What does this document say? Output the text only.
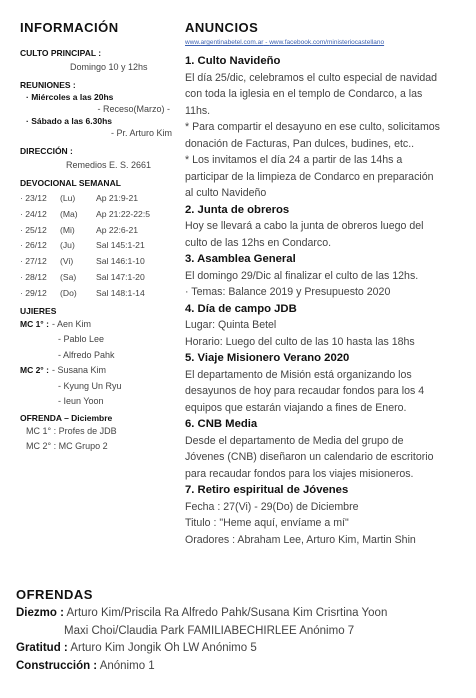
INFORMACIÓN
CULTO PRINCIPAL :
Domingo 10 y 12hs
REUNIONES :
· Miércoles a las 20hs
- Receso(Marzo) -
· Sábado a las 6.30hs
- Pr. Arturo Kim
DIRECCIÓN :
Remedios E. S. 2661
DEVOCIONAL SEMANAL
· 23/12	(Lu)	Ap 21:9-21
· 24/12	(Ma)	Ap 21:22-22:5
· 25/12	(Mi)	Ap 22:6-21
· 26/12	(Ju)	Sal 145:1-21
· 27/12	(Vi)	Sal 146:1-10
· 28/12	(Sa)	Sal 147:1-20
· 29/12	(Do)	Sal 148:1-14
UJIERES
MC 1° : - Aen Kim
- Pablo Lee
- Alfredo Pahk
MC 2° : - Susana Kim
- Kyung Un Ryu
- Ieun Yoon
OFRENDA – Diciembre
MC 1° : Profes de JDB
MC 2° : MC Grupo 2
ANUNCIOS
www.argentinabetel.com.ar - www.facebook.com/ministeriocastellano
1. Culto Navideño
El día 25/dic, celebramos el culto especial de navidad
con toda la iglesia en el templo de Condarco, a las
11hs.
* Para compartir el desayuno en ese culto, solicitamos
donación de Facturas, Pan dulces, budines, etc..
* Los invitamos el día 24 a partir de las 14hs a
participar de la limpieza de Condarco en preparación
al culto Navideño
2. Junta de obreros
Hoy se llevará a cabo la junta de obreros luego del
culto de las 12hs en Condarco.
3. Asamblea General
El domingo 29/Dic al finalizar el culto de las 12hs.
· Temas: Balance 2019 y Presupuesto 2020
4. Día de campo JDB
Lugar: Quinta Betel
Horario: Luego del culto de las 10 hasta las 18hs
5. Viaje Misionero Verano 2020
El departamento de Misión está organizando los
desayunos de hoy para recaudar fondos para los 4
equipos que estarán viajando a fines de Enero.
6. CNB Media
Desde el departamento de Media del grupo de
Jóvenes (CNB) diseñaron un calendario de escritorio
para recaudar fondos para los viajes misioneros.
7. Retiro espiritual de Jóvenes
Fecha : 27(Vi) - 29(Do) de Diciembre
Titulo : "Heme aquí, envíame a mí"
Oradores : Abraham Lee, Arturo Kim, Martin Shin
OFRENDAS
Diezmo : Arturo Kim/Priscila Ra Alfredo Pahk/Susana Kim Crisrtina Yoon
Maxi Choi/Claudia Park FAMILIABECHIRLEE Anónimo 7
Gratitud : Arturo Kim Jongik Oh LW Anónimo 5
Construcción : Anónimo 1
